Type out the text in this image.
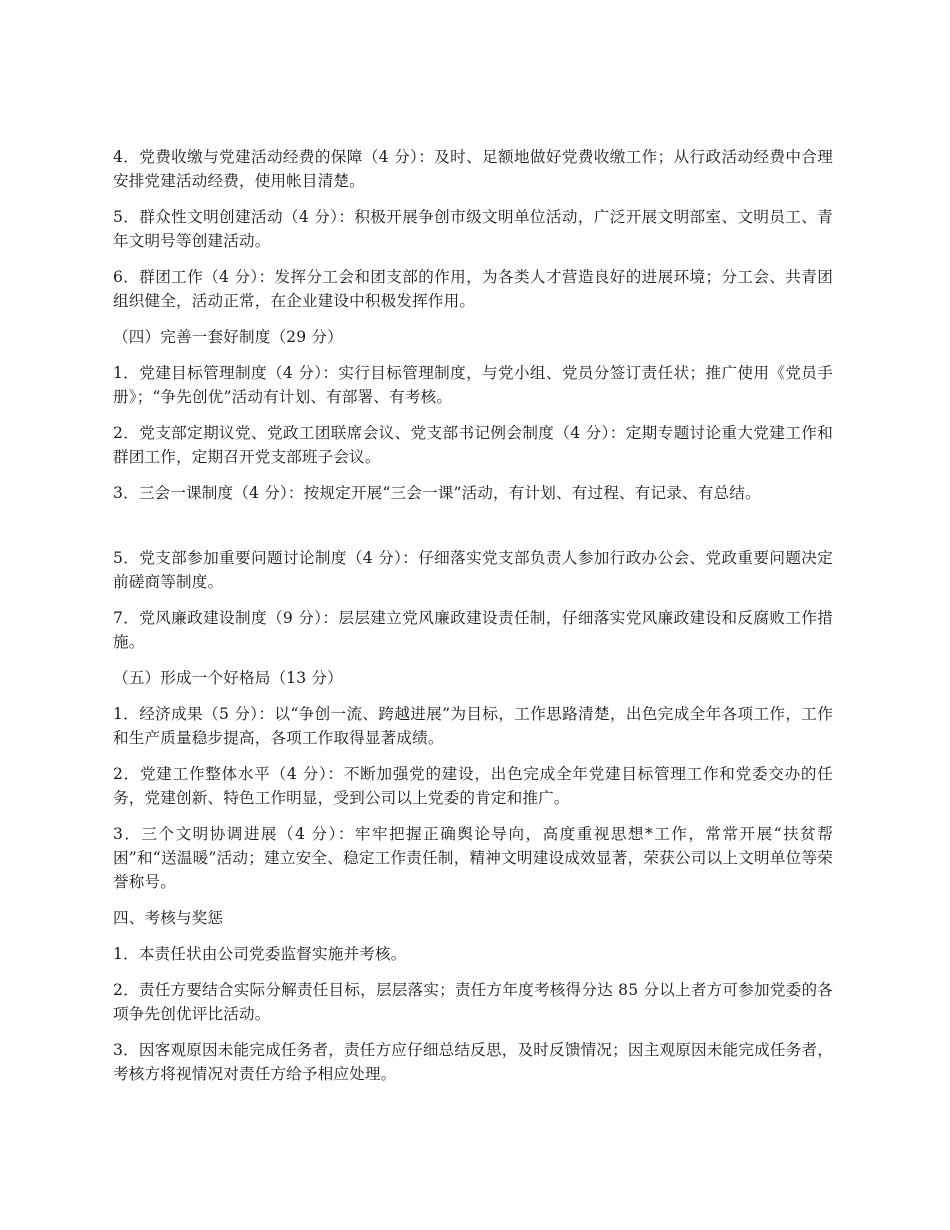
4．党费收缴与党建活动经费的保障（4 分）：及时、足额地做好党费收缴工作；从行政活动经费中合理安排党建活动经费，使用帐目清楚。

5．群众性文明创建活动（4 分）：积极开展争创市级文明单位活动，广泛开展文明部室、文明员工、青年文明号等创建活动。

6．群团工作（4 分）：发挥分工会和团支部的作用，为各类人才营造良好的进展环境；分工会、共青团组织健全，活动正常，在企业建设中积极发挥作用。

（四）完善一套好制度（29 分）

1．党建目标管理制度（4 分）：实行目标管理制度，与党小组、党员分签订责任状；推广使用《党员手册》；“争先创优”活动有计划、有部署、有考核。

2．党支部定期议党、党政工团联席会议、党支部书记例会制度（4 分）：定期专题讨论重大党建工作和群团工作，定期召开党支部班子会议。

3．三会一课制度（4 分）：按规定开展“三会一课”活动，有计划、有过程、有记录、有总结。

5．党支部参加重要问题讨论制度（4 分）：仔细落实党支部负责人参加行政办公会、党政重要问题决定前磋商等制度。

7．党风廉政建设制度（9 分）：层层建立党风廉政建设责任制，仔细落实党风廉政建设和反腐败工作措施。

（五）形成一个好格局（13 分）

1．经济成果（5 分）：以“争创一流、跨越进展”为目标，工作思路清楚，出色完成全年各项工作，工作和生产质量稳步提高，各项工作取得显著成绩。

2．党建工作整体水平（4 分）：不断加强党的建设，出色完成全年党建目标管理工作和党委交办的任务，党建创新、特色工作明显，受到公司以上党委的肯定和推广。

3．三个文明协调进展（4 分）：牢牢把握正确舆论导向，高度重视思想*工作，常常开展“扶贫帮困”和“送温暖”活动；建立安全、稳定工作责任制，精神文明建设成效显著，荣获公司以上文明单位等荣誉称号。

四、考核与奖惩

1．本责任状由公司党委监督实施并考核。

2．责任方要结合实际分解责任目标，层层落实；责任方年度考核得分达 85 分以上者方可参加党委的各项争先创优评比活动。

3．因客观原因未能完成任务者，责任方应仔细总结反思，及时反馈情况；因主观原因未能完成任务者，考核方将视情况对责任方给予相应处理。
